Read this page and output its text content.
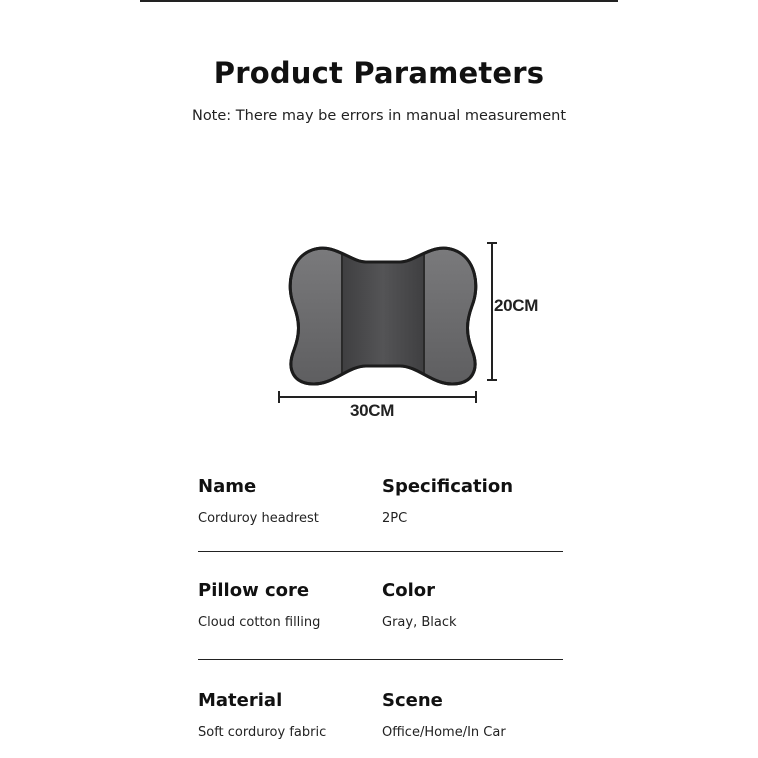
Product Parameters
Note: There may be errors in manual measurement
30CM
20CM
Name
Corduroy headrest
Specification
2PC
Pillow core
Cloud cotton filling
Color
Gray, Black
Material
Soft corduroy fabric
Scene
Office/Home/In Car
